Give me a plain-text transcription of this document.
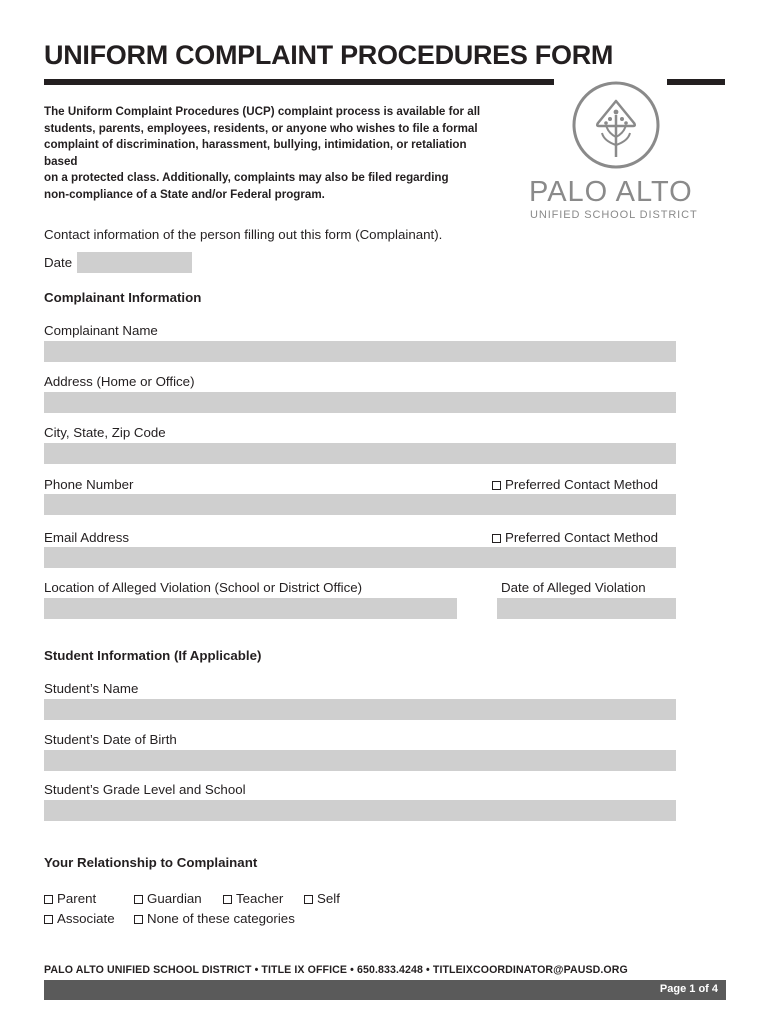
UNIFORM COMPLAINT PROCEDURES FORM
The Uniform Complaint Procedures (UCP) complaint process is available for all
students, parents, employees, residents, or anyone who wishes to file a formal
complaint of discrimination, harassment, bullying, intimidation, or retaliation based
on a protected class. Additionally, complaints may also be filed regarding
non-compliance of a State and/or Federal program.	PALO ALTO
UNIFIED SCHOOL DISTRICT
Contact information of the person filling out this form (Complainant).
Date
Complainant Information
Complainant Name
Address (Home or Office)
City, State, Zip Code
Phone Number	Preferred Contact Method
Email Address	Preferred Contact Method
Location of Alleged Violation (School or District Office)	Date of Alleged Violation
Student Information (If Applicable)
Student’s Name
Student’s Date of Birth
Student’s Grade Level and School
Your Relationship to Complainant
Parent	Guardian	Teacher	Self
Associate	None of these categories
PALO ALTO UNIFIED SCHOOL DISTRICT • TITLE IX OFFICE • 650.833.4248 • TITLEIXCOORDINATOR@PAUSD.ORG
Page 1 of 4
